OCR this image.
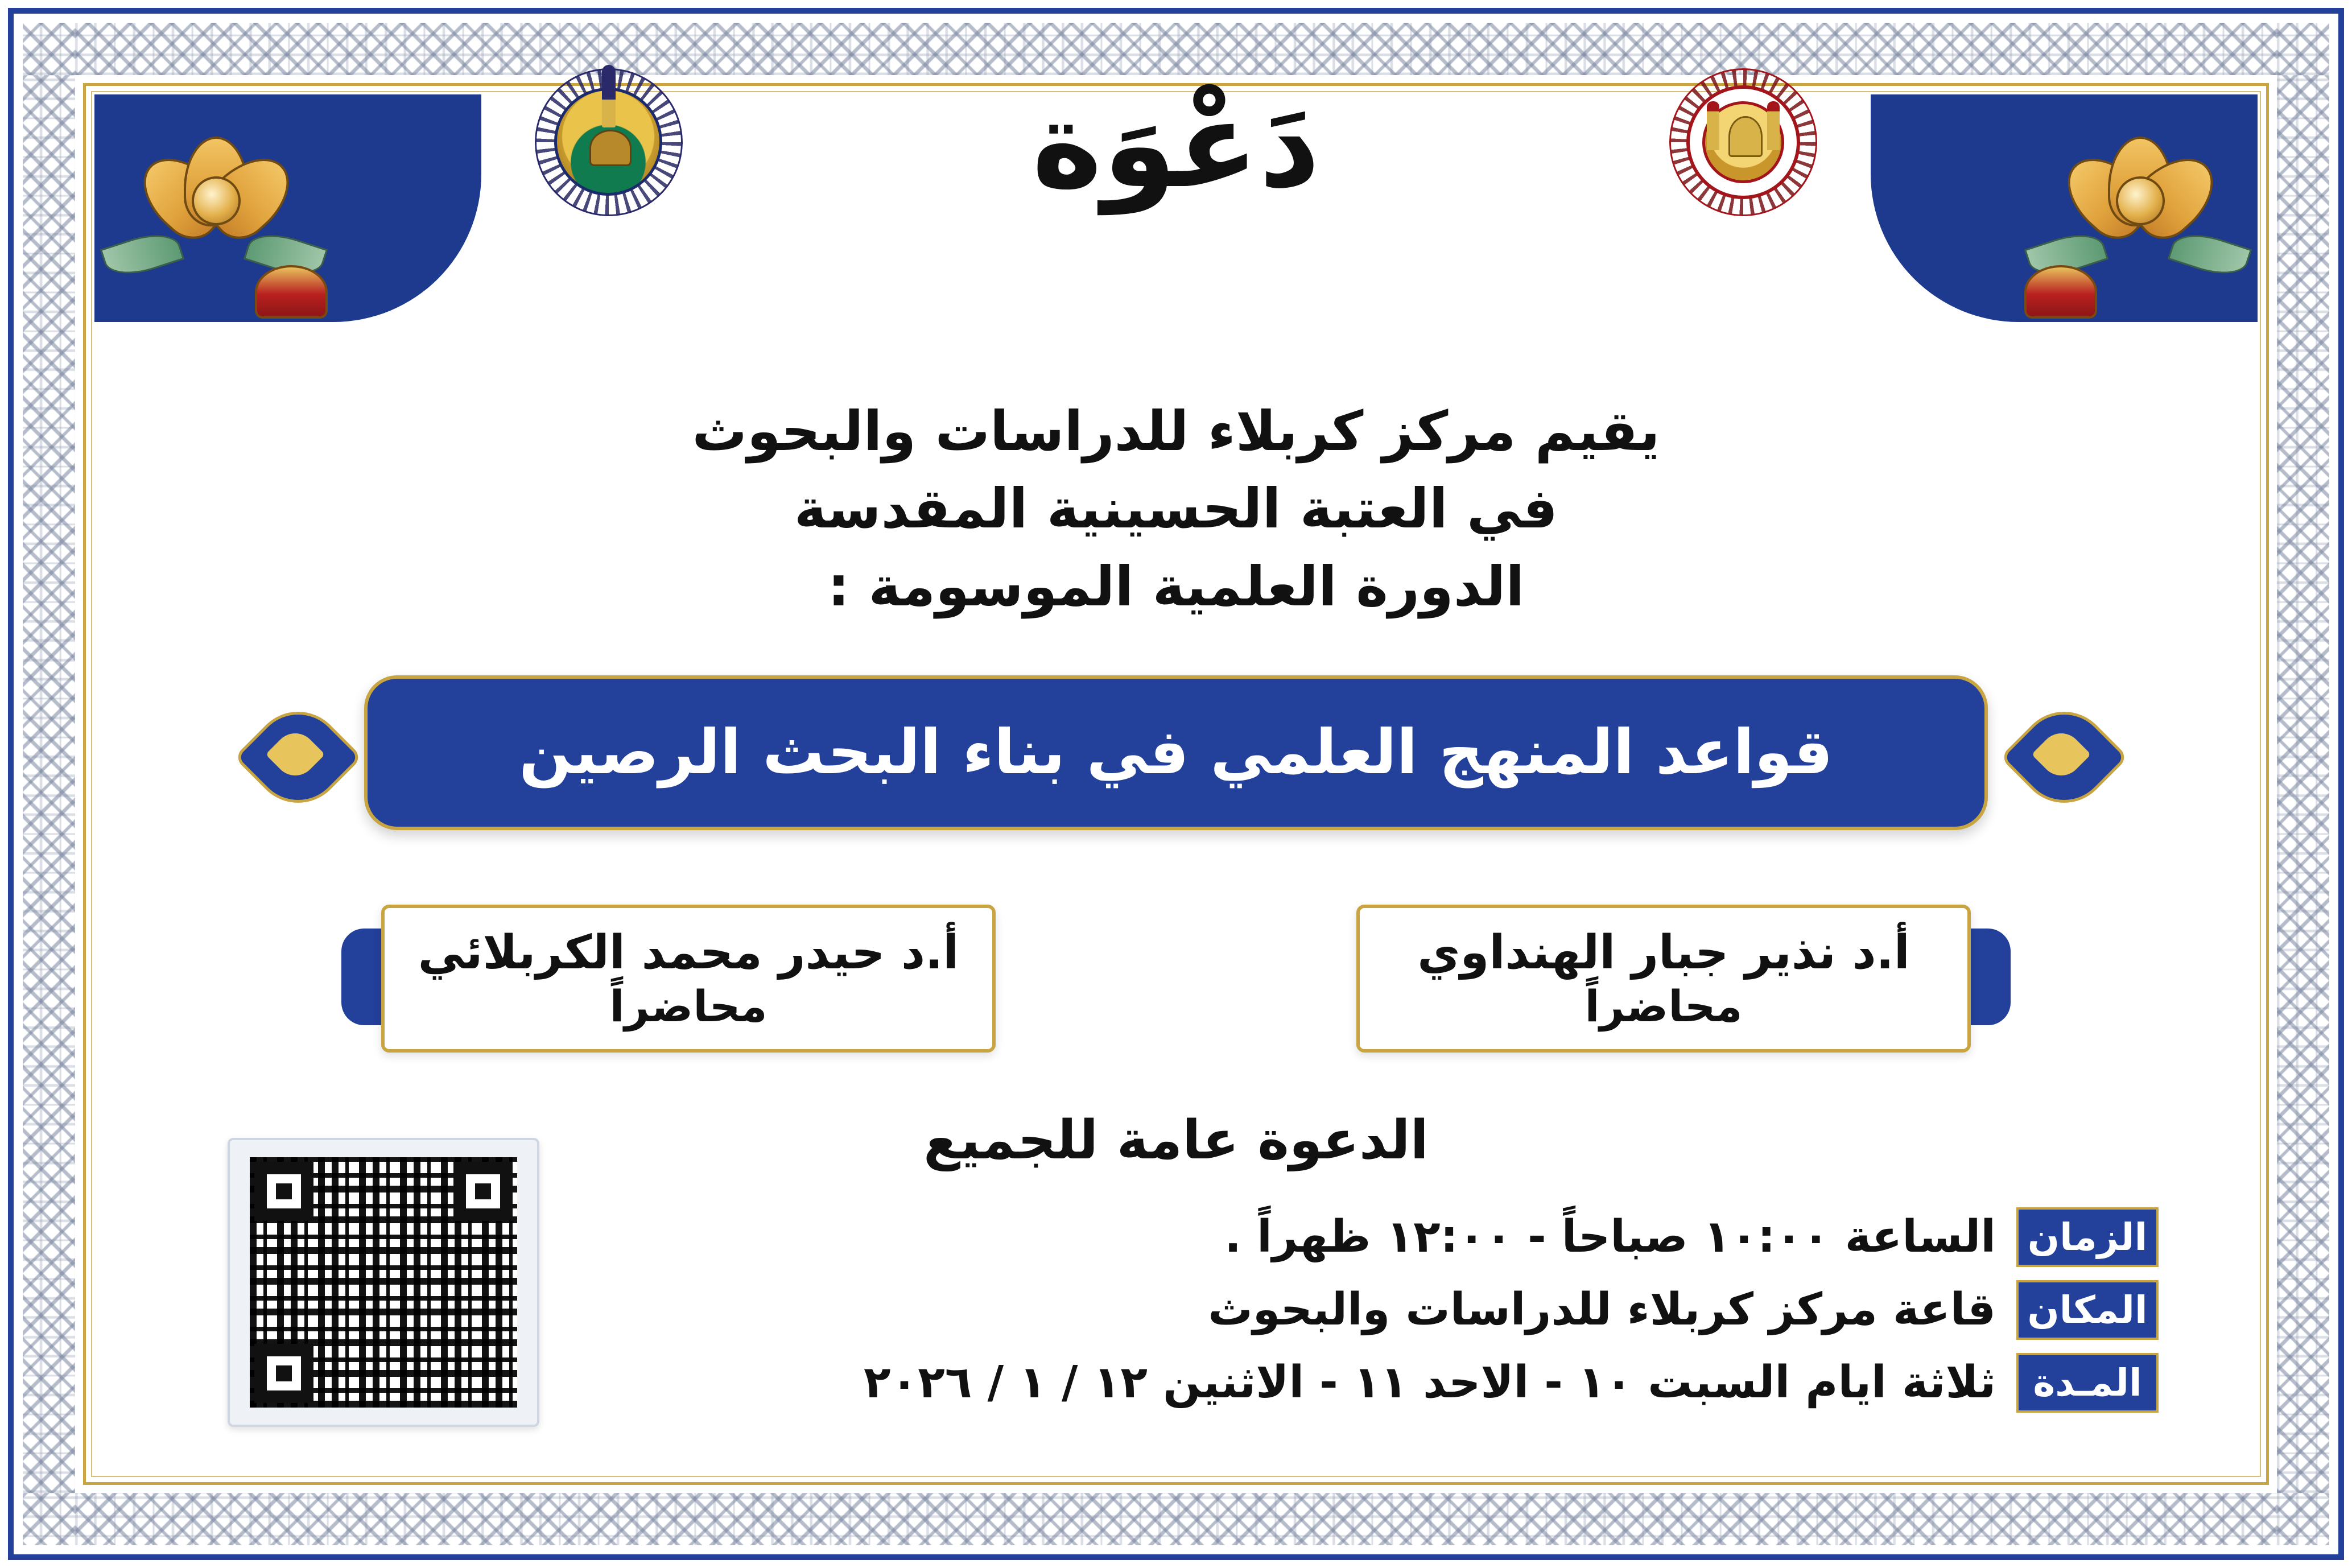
دَعْوَة
يقيم مركز كربلاء للدراسات والبحوث
في العتبة الحسينية المقدسة
الدورة العلمية الموسومة :
قواعد المنهج العلمي في بناء البحث الرصين
أ.د نذير جبار الهنداوي
محاضراً
أ.د حيدر محمد الكربلائي
محاضراً
الدعوة عامة للجميع
الزمان
الساعة ١٠:٠٠ صباحاً - ١٢:٠٠ ظهراً .
المكان
قاعة مركز كربلاء للدراسات والبحوث
المـدة
ثلاثة ايام السبت ١٠ - الاحد ١١ - الاثنين ١٢ / ١ / ٢٠٢٦
